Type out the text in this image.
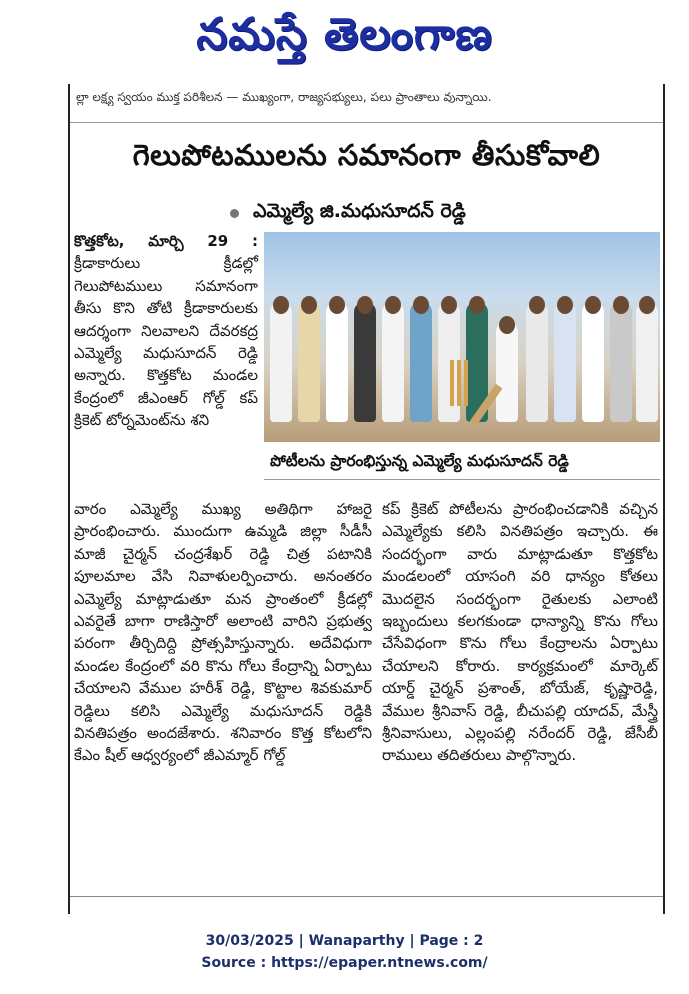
నమస్తే తెలంగాణ
ల్లా లక్ష్య స్వయం ముక్త పరిశీలన — ముఖ్యంగా, రాజ్యసభ్యులు, పలు ప్రాంతాలు వున్నాయి.
గెలుపోటములను సమానంగా తీసుకోవాలి
ఎమ్మెల్యే జి.మధుసూదన్ రెడ్డి
కొత్తకోట, మార్చి 29 : క్రీడాకారులు క్రీడల్లో గెలుపోటములు సమానంగా తీసు కొని తోటి క్రీడాకారులకు ఆదర్శంగా నిలవాలని దేవరకద్ర ఎమ్మెల్యే మధుసూదన్ రెడ్డి అన్నారు. కొత్తకోట మండల కేంద్రంలో జీఎంఆర్ గోల్డ్ కప్ క్రికెట్ టోర్నమెంట్‌ను శని
పోటీలను ప్రారంభిస్తున్న ఎమ్మెల్యే మధుసూదన్ రెడ్డి
వారం ఎమ్మెల్యే ముఖ్య అతిథిగా హాజరై ప్రారంభించారు. ముందుగా ఉమ్మడి జిల్లా సీడీసీ మాజీ చైర్మన్ చంద్రశేఖర్ రెడ్డి చిత్ర పటానికి పూలమాల వేసి నివాళులర్పించారు. అనంతరం ఎమ్మెల్యే మాట్లాడుతూ మన ప్రాంతంలో క్రీడల్లో ఎవరైతే బాగా రాణిస్తారో అలాంటి వారిని ప్రభుత్వ పరంగా తీర్చిదిద్ది ప్రోత్సహిస్తున్నారు. అదేవిధుగా మండల కేంద్రంలో వరి కొను గోలు కేంద్రాన్ని ఏర్పాటు చేయాలని వేముల హరీశ్ రెడ్డి, కొట్టాల శివకుమార్ రెడ్డిలు కలిసి ఎమ్మెల్యే మధుసూదన్ రెడ్డికి వినతిపత్రం అందజేశారు. శనివారం కొత్త కోటలోని కేఎం షీల్ ఆధ్వర్యంలో జీఎమ్మార్ గోల్డ్
కప్ క్రికెట్ పోటీలను ప్రారంభించడానికి వచ్చిన ఎమ్మెల్యేకు కలిసి వినతిపత్రం ఇచ్చారు. ఈ సందర్భంగా వారు మాట్లాడుతూ కొత్తకోట మండలంలో యాసంగి వరి ధాన్యం కోతలు మొదలైన సందర్భంగా రైతులకు ఎలాంటి ఇబ్బందులు కలగకుండా ధాన్యాన్ని కొను గోలు చేసేవిధంగా కొను గోలు కేంద్రాలను ఏర్పాటు చేయాలని కోరారు. కార్యక్రమంలో మార్కెట్ యార్డ్ చైర్మన్ ప్రశాంత్, బోయేజ్, కృష్ణారెడ్డి, వేముల శ్రీనివాస్ రెడ్డి, బీచుపల్లి యాదవ్, మేస్త్రీ శ్రీనివాసులు, ఎల్లంపల్లి నరేందర్ రెడ్డి, జేసీబీ రాములు తదితరులు పాల్గొన్నారు.
30/03/2025 | Wanaparthy | Page : 2
Source : https://epaper.ntnews.com/
